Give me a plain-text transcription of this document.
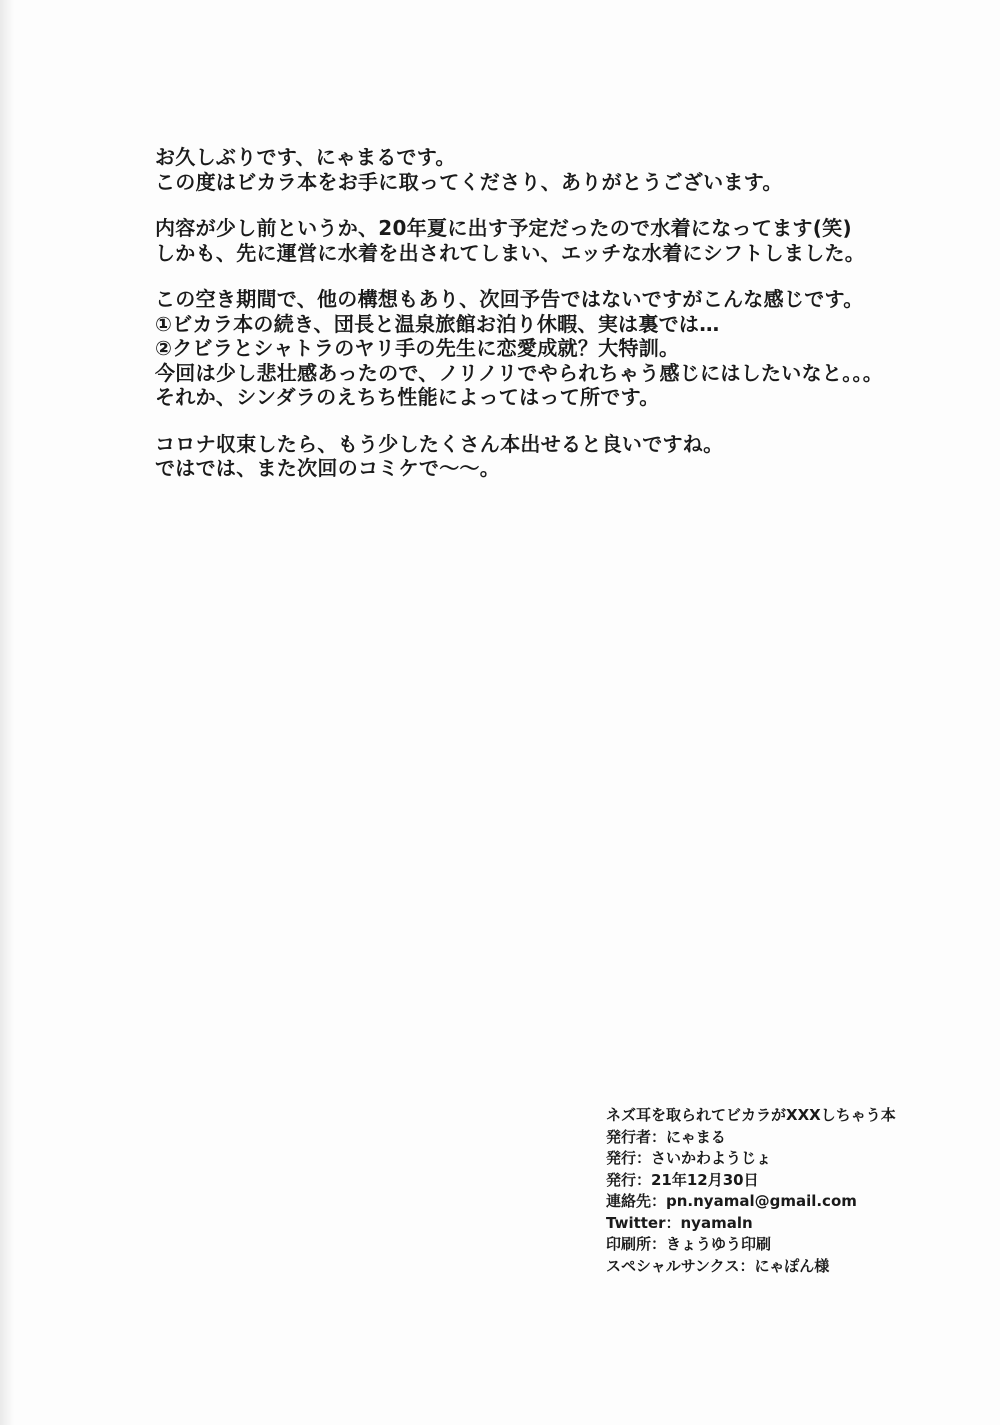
お久しぶりです、にゃまるです。
この度はビカラ本をお手に取ってくださり、ありがとうございます。

内容が少し前というか、20年夏に出す予定だったので水着になってます(笑)
しかも、先に運営に水着を出されてしまい、エッチな水着にシフトしました。

この空き期間で、他の構想もあり、次回予告ではないですがこんな感じです。
①ビカラ本の続き、団長と温泉旅館お泊り休暇、実は裏では…
②クビラとシャトラのヤリ手の先生に恋愛成就？大特訓。
今回は少し悲壮感あったので、ノリノリでやられちゃう感じにはしたいなと。。。
それか、シンダラのえちち性能によってはって所です。

コロナ収束したら、もう少したくさん本出せると良いですね。
ではでは、また次回のコミケで～～。

ネズ耳を取られてビカラがXXXしちゃう本
発行者：にゃまる
発行：さいかわようじょ
発行：21年12月30日
連絡先：pn.nyamal@gmail.com
Twitter：nyamaln
印刷所：きょうゆう印刷
スペシャルサンクス：にゃぽん様
